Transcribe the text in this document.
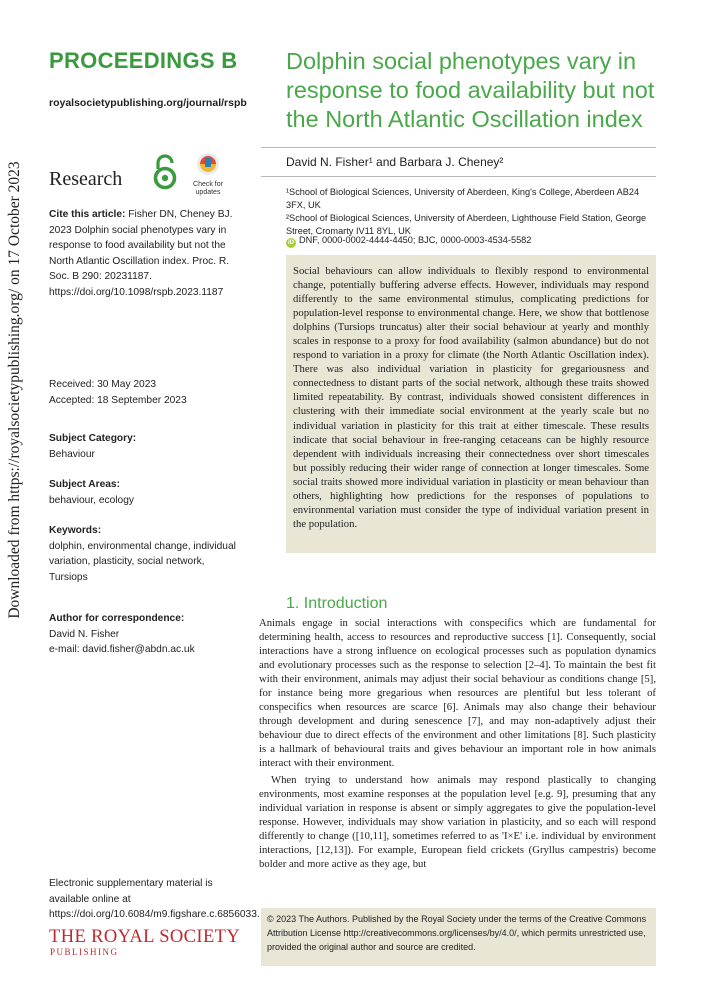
Downloaded from https://royalsocietypublishing.org/ on 17 October 2023
PROCEEDINGS B
royalsocietypublishing.org/journal/rspb
Research	Check for updates
Cite this article: Fisher DN, Cheney BJ. 2023 Dolphin social phenotypes vary in response to food availability but not the North Atlantic Oscillation index. Proc. R. Soc. B 290: 20231187. https://doi.org/10.1098/rspb.2023.1187
Received: 30 May 2023
Accepted: 18 September 2023
Subject Category:
Behaviour
Subject Areas:
behaviour, ecology
Keywords:
dolphin, environmental change, individual variation, plasticity, social network, Tursiops
Author for correspondence:
David N. Fisher
e-mail: david.fisher@abdn.ac.uk
Electronic supplementary material is available online at https://doi.org/10.6084/m9.figshare.c.6856033.
THE ROYAL SOCIETY
PUBLISHING
Dolphin social phenotypes vary in response to food availability but not the North Atlantic Oscillation index
David N. Fisher¹ and Barbara J. Cheney²
¹School of Biological Sciences, University of Aberdeen, King's College, Aberdeen AB24 3FX, UK
²School of Biological Sciences, University of Aberdeen, Lighthouse Field Station, George Street, Cromarty IV11 8YL, UK
iD DNF, 0000-0002-4444-4450; BJC, 0000-0003-4534-5582
Social behaviours can allow individuals to flexibly respond to environmental change, potentially buffering adverse effects. However, individuals may respond differently to the same environmental stimulus, complicating predictions for population-level response to environmental change. Here, we show that bottlenose dolphins (Tursiops truncatus) alter their social behaviour at yearly and monthly scales in response to a proxy for food availability (salmon abundance) but do not respond to variation in a proxy for climate (the North Atlantic Oscillation index). There was also individual variation in plasticity for gregariousness and connectedness to distant parts of the social network, although these traits showed limited repeatability. By contrast, individuals showed consistent differences in clustering with their immediate social environment at the yearly scale but no individual variation in plasticity for this trait at either timescale. These results indicate that social behaviour in free-ranging cetaceans can be highly resource dependent with individuals increasing their connectedness over short timescales but possibly reducing their wider range of connection at longer timescales. Some social traits showed more individual variation in plasticity or mean behaviour than others, highlighting how predictions for the responses of populations to environmental variation must consider the type of individual variation present in the population.
1. Introduction

Animals engage in social interactions with conspecifics which are fundamental for determining health, access to resources and reproductive success [1]. Consequently, social interactions have a strong influence on ecological processes such as population dynamics and evolutionary processes such as the response to selection [2–4]. To maintain the best fit with their environment, animals may adjust their social behaviour as conditions change [5], for instance being more gregarious when resources are plentiful but less tolerant of conspecifics when resources are scarce [6]. Animals may also change their behaviour through development and during senescence [7], and may non-adaptively adjust their behaviour due to direct effects of the environment and other limitations [8]. Such plasticity is a hallmark of behavioural traits and gives behaviour an important role in how animals interact with their environment.

When trying to understand how animals may respond plastically to changing environments, most examine responses at the population level [e.g. 9], presuming that any individual variation in response is absent or simply aggregates to give the population-level response. However, individuals may show variation in plasticity, and so each will respond differently to change ([10,11], sometimes referred to as 'I×E' i.e. individual by environment interactions, [12,13]). For example, European field crickets (Gryllus campestris) become bolder and more active as they age, but

© 2023 The Authors. Published by the Royal Society under the terms of the Creative Commons Attribution License http://creativecommons.org/licenses/by/4.0/, which permits unrestricted use, provided the original author and source are credited.
